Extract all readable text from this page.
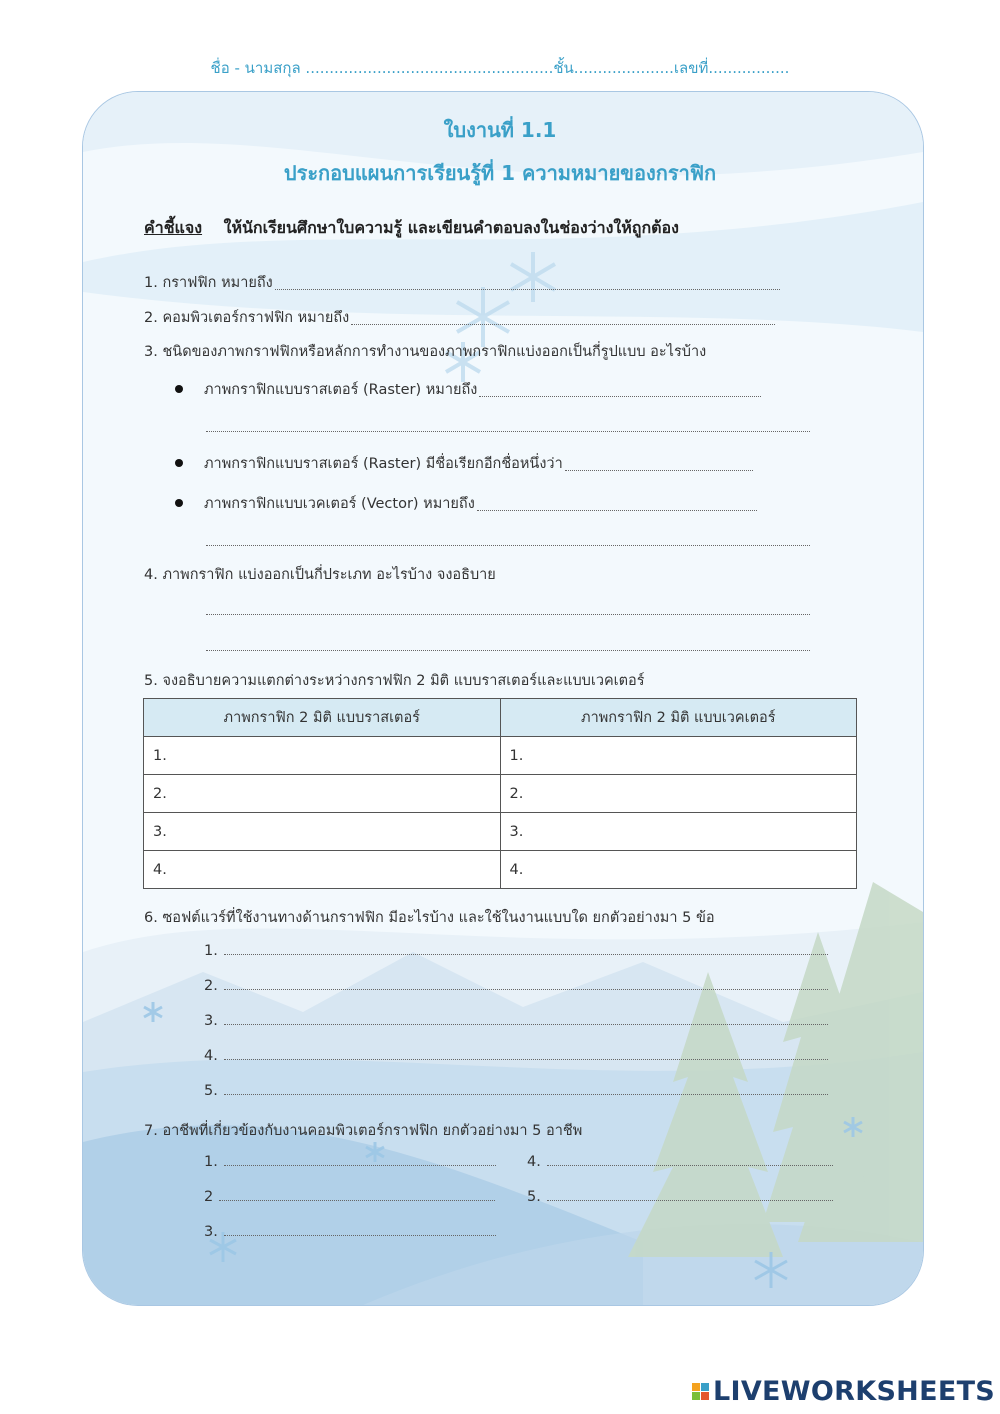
ชื่อ - นามสกุล ....................................................ชั้น.....................เลขที่.................
ใบงานที่ 1.1
ประกอบแผนการเรียนรู้ที่ 1 ความหมายของกราฟิก
คำชี้แจง ให้นักเรียนศึกษาใบความรู้ และเขียนคำตอบลงในช่องว่างให้ถูกต้อง
1. กราฟฟิก หมายถึง
2. คอมพิวเตอร์กราฟฟิก หมายถึง
3. ชนิดของภาพกราฟฟิกหรือหลักการทำงานของภาพกราฟิกแบ่งออกเป็นกี่รูปแบบ อะไรบ้าง
ภาพกราฟิกแบบราสเตอร์ (Raster) หมายถึง
ภาพกราฟิกแบบราสเตอร์ (Raster) มีชื่อเรียกอีกชื่อหนึ่งว่า
ภาพกราฟิกแบบเวคเตอร์ (Vector) หมายถึง
4. ภาพกราฟิก แบ่งออกเป็นกี่ประเภท อะไรบ้าง จงอธิบาย
5. จงอธิบายความแตกต่างระหว่างกราฟฟิก 2 มิติ แบบราสเตอร์และแบบเวคเตอร์
ภาพกราฟิก 2 มิติ แบบราสเตอร์	ภาพกราฟิก 2 มิติ แบบเวคเตอร์
1.	1.
2.	2.
3.	3.
4.	4.
6. ซอฟต์แวร์ที่ใช้งานทางด้านกราฟฟิก มีอะไรบ้าง และใช้ในงานแบบใด ยกตัวอย่างมา 5 ข้อ
1.
2.
3.
4.
5.
7. อาชีพที่เกี่ยวข้องกับงานคอมพิวเตอร์กราฟฟิก ยกตัวอย่างมา 5 อาชีพ
1.
2
3.
4.
5.
LIVEWORKSHEETS
